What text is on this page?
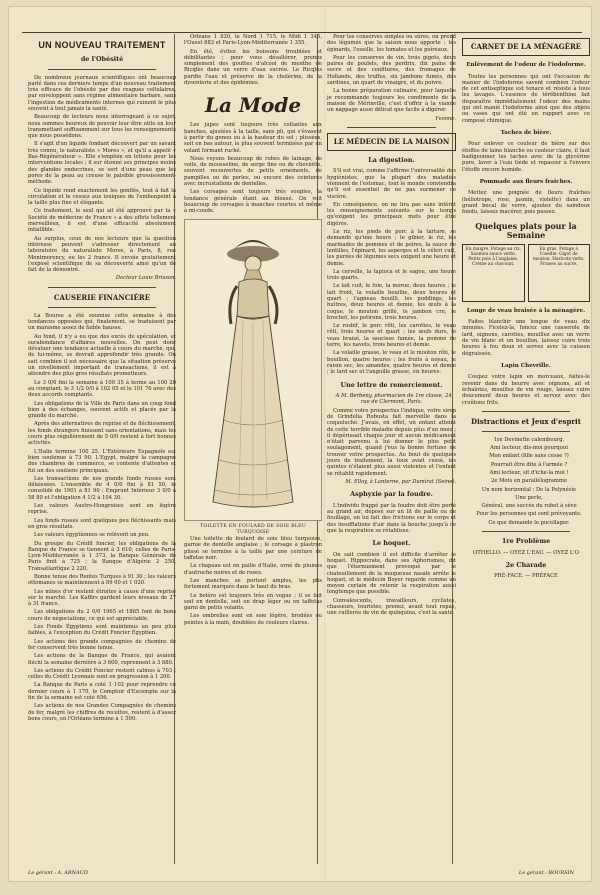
UN NOUVEAU TRAITEMENT
de l'Obésité

De nombreux journaux scientifiques ont beaucoup parlé dans ces derniers temps d'un nouveau traitement très efficace de l'obésité par des reagues cellulaires, par enveloppent sans régime alimentaire barbare, sans l'ingestion de médicaments internes qui ruinent le plus souvent à tout jamais la santé.

Beaucoup de lecteurs nous interrogeant à ce sujet, nous sommes heureux de pouvoir leur être utile en leur transmettant suffisamment sur tous les renseignements que nous possédons.

Il s'agit d'un liquide fondant découvert par un savant très connu, le naturaliste « Mores », et qu'il a appelé « Bas-Régénérateur ». Elle s'emploie en lotions pour les interventions locales ; il sur étonné ses principes moins des glandes endocrines, se sert d'une peau que les pores de la peau au creuse le paisible grossissement-méthode.

Ce liquide rend exactement les gonflés, tout à fait la circulation et le cessez aux toxiques de l'embonpoint à la taille plus fine et élégante.

Ce traitement, le seul qui ait été approuvé par la « Société de médecine de France » a des effets tellement merveilleux, il est d'une efficacité absolument infaillible.

Au surplus, ceux de nos lecteurs que la question intéresse peuvent s'adresser directement au laboratoire du naturaliste Mores, à Paris, 8, rue Montmorency, ou les 2 francs. Il envoie gratuitement l'exposé scientifique de sa découverte ainsi qu'un de fait de la démontré.

Docteur Louis Brisson.
CAUSERIE FINANCIÈRE

La Bourse a été soumise cette semaine à des tendances opposées qui, finalement, se traduisent par un marasme assez de faible hausse.

Au fond, il n'y a eu que des excès de spéculation, et surabondance d'affaires nouvelles. On peut donc dévaluer une tendance actuelle à cours du marché, qui, de lui-même, se devrait approfondir très grande. On sait combien il est nécessaire que la situation préserve un nivellement important de transactions, il est à attendre des plus gros résultats prometteurs.

Le 3 0/0 fini la semaine à 100 35 à terme au 100 20 au comptant, le 3 1/2 0/0 à 102 05 et le 101 76 avec des deux accords comptants.

Les obligations de la Ville de Paris dans un coup fond bien à des échanges, souvent actifs et placés par la grande du marché.

Après des alternatives de reprise et de fléchissement, les fonds étrangers finissent sans orientations, mais les cours plus régulièrement de 5 0/0 restent à fort bonnes activités.

L'Italie termine 100 25. L'Extérieure Espagnole est bien soutenue à 73 90. L'Egypt, malgré la campagne des chambres de commerce, se contente d'attentes et fut un des soutiens principaux.

Les transactions de nos grands fonds russes sont délaissées. L'ensemble de 4 0/0 fini à 81 50, le consolidé de 1901 à 81 90 ; Emprunt Intérieur 3 0/0 à 58 80 et l'obligation 4 1/2 à 104 30.

Les valeurs Austro-Hongroises sont en légère reprise.

Les fonds russes sont quelques peu fléchissants mais en gros résultats.

Les valeurs égyptiennes se relèvent un peu.

Du groupe du Crédit foncier, les obligations de la Banque de France se tiennent à 3 610, celles de Paris-Lyon-Méditerranée à 1 373, la Banque Générale de Paris finit à 725 ; la Banque d'Algérie 2 250, Transatlantique 2 220.

Bonne tenue des Rentes Turques à 91 30 ; les valeurs ottomanes se maintiennent à 89 00 et 1 020.

Les mines d'or restent étroites à cause d'une reprise sur le marché. Les Kaffirs gardent leurs niveaux de 27 à 31 francs.

Les obligations du 2 0/0 1965 et 1865 font de bons cours de négociations, ce qui est appréciable.

Les Fonds Égyptiens sont maintenus un peu plus faibles, à l'exception du Crédit Foncier Égyptien.

Les actions des grands compagnies de chemins de fer conservent très bonne tenue.

Les actions de la Banque de France, qui avaient fléchi la semaine dernière à 3 600, reprennent à 3 880.

Les actions du Crédit Foncier restent calmes à 703 ; celles du Crédit Lyonnais sont en progression à 1 200.

La Banque de Paris a coté 1 102 pour reprendre ce dernier cours à 1 170, le Comptoir d'Escompte sur la fin de la semaine est coté 656.

Les actions de nos Grandes Compagnies de chemins de fer, malgré les chiffres de recettes, restent à d'assez bons cours, en l'Orléans termine à 1 500.

Orléans 1 830, le Nord 1 715, le Midi 1 345, l'Ouest 883 et Paris-Lyon-Méditerranée 1 355.

En été, évitez les boissons troublées et débilitantes ; pour vous désaltérer, prenez simplement des gouttes d'alcool de menthe de Ricqlès dans un verre d'eau sucrée. Le Ricqlès purifie l'eau et préserve de la cholérine, de la dysenterie et des épidémies.

La Mode

Les jupes sont toujours très collantes aux hanches, ajustées à la taille, sans pli, qui s'évasent à partir du genou ou à la hauteur du sol ; plissées, soit en bas autour, le plus souvent terminées par un volant formant ruché.

Nous voyons beaucoup de robes de lainage, de voile, de mousseline, de serge fine ou de cheviotte, souvent recouvertes de petits ornements, de pampilles ou de perles, ou encore des ceintures avec incrustations de dentelles.

Les corsages sont toujours très souples, la tendance générale étant au blousé. On voit beaucoup de corsages à manches courtes et même à mi-coude.

TOILETTE EN FOULARD DE SOIE BLEU TURQUOISE

Une toilette de foulard de soie bleu turquoise, garnie de dentelle anglaise ; le corsage à plastron plissé se termine à la taille par une ceinture de taffetas noir.

Le chapeau est en paille d'Italie, orné de plumes d'autruche noires et de roses.

Les manches se portent amples, les plis fortement marqués dans le haut du bras.

Le boléro est toujours très en vogue ; il se fait soit en dentelle, soit en drap léger ou en taffetas garni de petits volants.

Les ombrelles sont en soie légère, brodées ou peintes à la main, doublées de couleurs claires.

Pour les conserves simples ou sûres, on prend des légumes que la saison nous apporte ; les épinards, l'oseille, les tomates et les poireaux.

Pour les conserves de vin, trois gigots, deux paires de poulets, des perdrix, dix pains de sucre et des confitures, des fromages de Hollande, des truffes, six jambons fumés, des sardines, un quart de vinaigre, et du poivre.

La bonne préparation culinaire, pour laquelle je recommande toujours les condiments de la maison de Mérinville, c'est d'offrir à la viande un nappage aussi délicat que facile à digérer.

Yvonne.
LE MÉDECIN DE LA MAISON
La digestion.

S'il est vrai, comme l'affirme l'universalité des hygiénistes, que la plupart des maladies viennent de l'estomac, tout le monde conviendra qu'il est essentiel de ne pas surmener ce viscère.

En conséquence, on ne lira pas sans intérêt les renseignements suivants sur le temps qu'exigent les principaux mets pour être digérés.

Le riz, les pieds de porc à la tartare, se demande qu'une heure ; le gibier, le riz, les marinades de pommes et de poires, la sauce de lentilles, l'épinard, les asperges et le céleri cuit, les purées de légumes secs exigent une heure et demie.

La cervelle, la tapioca et le sagou, une heure trois quarts.

Le lait cuit, le foie, la morue, deux heures ; le lait froid, la volaille bouillie, deux heures et quart ; l'agneau bouilli, les puddings, les huîtres, deux heures et demie, les œufs à la coque, le mouton grillé, le jambon cru, le brochet, les potirons, trois heures.

Le rosbif, le porc rôti, les carottes, le veau rôti, trois heures et quart ; les œufs durs, le veau braisé, la saucisse fumée, la pomme de terre, les navets, trois heures et demie.

La volaille grasse, le veau et le mouton rôti, le bouillon, quatre heures ; les fruits à noyau, le raisin sec, les amandes, quatre heures et demie ; le lard sec et l'anguille grasse, six heures.

Une lettre de remerciement.
A M. Berbeny, pharmacien de 1re classe, 24, rue de Clermont, Paris.

Comme votre prospectus l'indique, votre sirop de Grindelia Robusta fait merveille dans la coqueluche. J'avais, en effet, un enfant atteint de cette terrible maladie depuis plus d'un mois ; il dépérissait chaque jour et aucun médicament n'était parvenu à lui donner le plus petit soulagement, quand j'eus la bonne fortune de trouver votre prospectus. Au bout de quelques jours de traitement, la toux avait cessé, les quintes n'étaient plus aussi violentes et l'enfant se rétablit rapidement.

M. Elloy, à Lanterne, par Dumirat (Seine).
Asphyxie par la foudre.

L'individu frappé par la foudre doit être porté au grand air, déposé sur un lit de paille ou de feuillage, on lui fait des frictions sur le corps et des insufflations d'air dans la bouche jusqu'à ce que la respiration se rétablisse.

Le hoquet.

On sait combien il est difficile d'arrêter le hoquet. Hippocrate, dans ses Aphorismes, dit que l'éternuement provoqué par le chatouillement de la muqueuse nasale arrête le hoquet, et le médecin Boyer regarde comme un moyen certain de retenir la respiration aussi longtemps que possible.

Convalescents, travailleurs, cyclistes, chasseurs, touristes, prenez, avant tout repas, une cuillerée de vin de quinquina, c'est la santé.

CARNET DE LA MÉNAGÈRE
Enlèvement de l'odeur de l'iodoforme.

Toutes les personnes qui ont l'occasion de manier de l'iodoforme savent combien l'odeur de cet antiseptique est tenace et résiste à tous les lavages. L'essence de térébenthine fait disparaître immédiatement l'odeur des mains qui ont manié l'iodoforme ainsi que des objets ou vases qui ont été en rapport avec ce composé chimique.

Taches de bière.

Pour enlever ce couleur de bière sur des étoffes de laine blanche ou couleur claire, il faut badigeonner les taches avec de la glycérine pure, laver à l'eau tiède et repasser à l'envers l'étoffe encore humide.

Pommade aux fleurs fraîches.

Mettez une poignée de fleurs fraîches (héliotrope, rose, jasmin, violette) dans un grand bocal de verre, ajoutez du saindoux fondu, laissez macérer, puis passez.

Quelques plats pour la Semaine
En maigre. Potage au riz. Saumon sauce verte. Petits pois à l'anglaise. Crème au chocolat.
En gras. Potage à l'oseille. Gigot de mouton. Haricots verts. Fraises au sucre.
Longe de veau braisée à la ménagère.

Faites blanchir une longue de veau dix minutes. Ficelez-la, foncez une casserole de lard, oignons, carottes, mouillez avec un verre de vin blanc et un bouillon, laissez cuire trois heures à feu doux et servez avec la cuisson dégraissée.

Lapin Chevrille.

Coupez votre lapin en morceaux, faites-le revenir dans du beurre avec oignons, ail et échalotes, mouillez de vin rouge, laissez cuire doucement deux heures et servez avec des croûtons frits.

Distractions et Jeux d'esprit

1re Devinette calembourg.

Ami lecteur, dis-moi pourquoi

Mon enfant (fille sans cesse ?)

Pourrait être dite à l'armée ?

Ami lecteur, sit d'iche-la moi !

2e Mots en parallélogramme

Un nom horizontal : De la Polynésie

Une perle,

Général, une succès du robot à sève

Pour les personnes qui sont prévoyants.

Ce que demande le pucellager.

1re Problème
OTHELLO. — OYEZ L'EAU. — OYEZ L'O
2e Charade
PRÉ-FACE. — PRÉFACE
Le gérant : A. ARNAUD	Le gérant : BOURSIN
